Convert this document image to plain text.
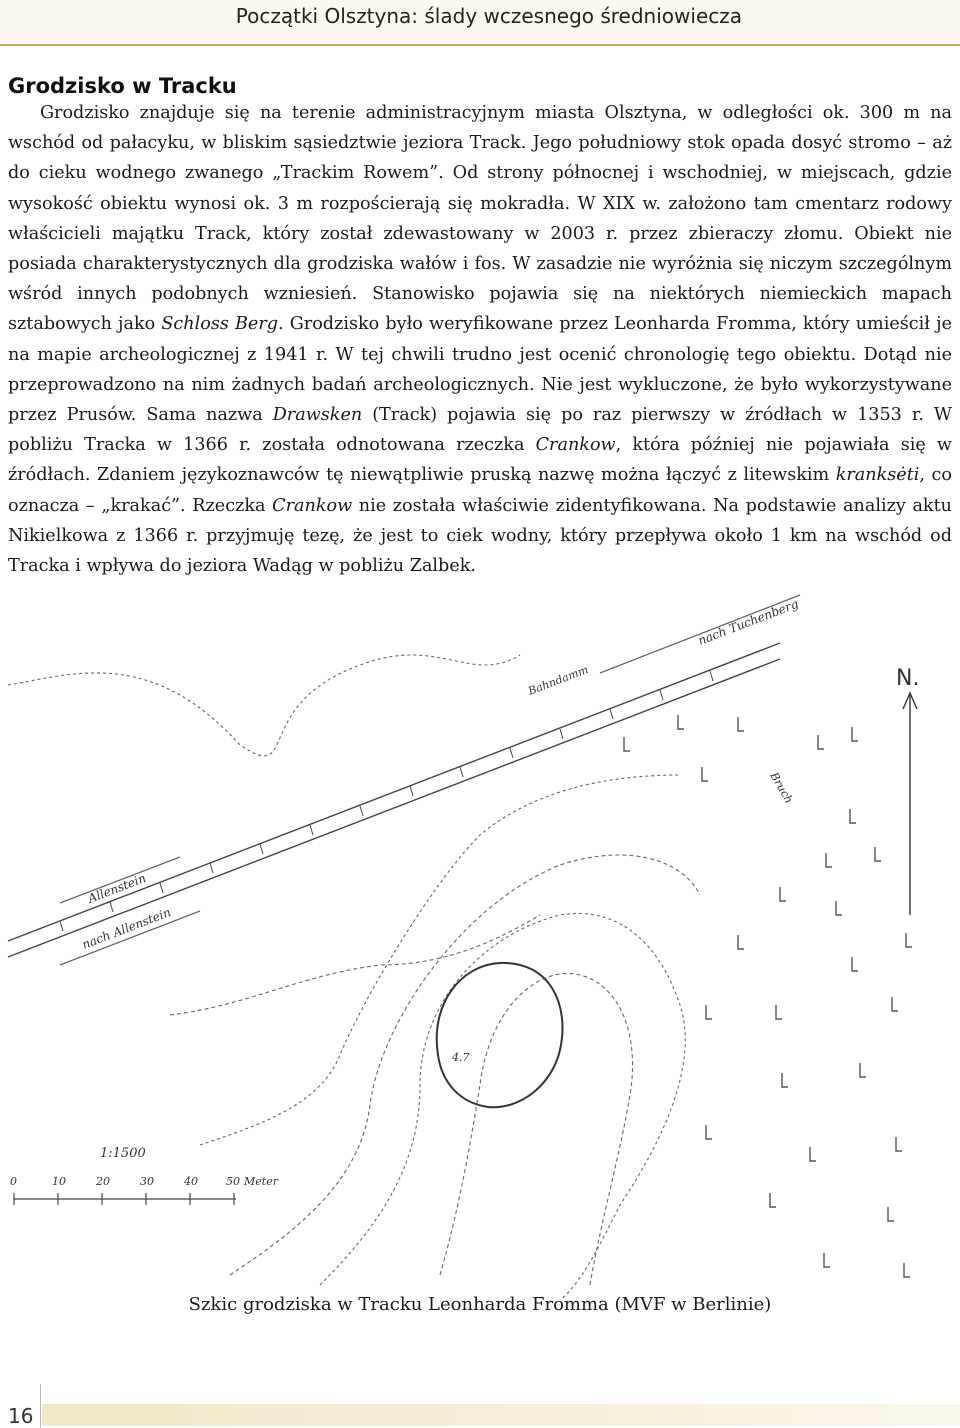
Początki Olsztyna: ślady wczesnego średniowiecza
Grodzisko w Tracku

Grodzisko znajduje się na terenie administracyjnym miasta Olsztyna, w odległości ok. 300 m na wschód od pałacyku, w bliskim sąsiedztwie jeziora Track. Jego południowy stok opada dosyć stromo – aż do cieku wodnego zwanego „Trackim Rowem”. Od strony północnej i wschodniej, w miejscach, gdzie wysokość obiektu wynosi ok. 3 m rozpościerają się mokradła. W XIX w. założono tam cmentarz rodowy właścicieli majątku Track, który został zdewastowany w 2003 r. przez zbieraczy złomu. Obiekt nie posiada charakterystycznych dla grodziska wałów i fos. W zasadzie nie wyróżnia się niczym szczególnym wśród innych podobnych wzniesień. Stanowisko pojawia się na niektórych niemieckich mapach sztabowych jako Schloss Berg. Grodzisko było weryfikowane przez Leonharda Fromma, który umieścił je na mapie archeologicznej z 1941 r. W tej chwili trudno jest ocenić chronologię tego obiektu. Dotąd nie przeprowadzono na nim żadnych badań archeologicznych. Nie jest wykluczone, że było wykorzystywane przez Prusów. Sama nazwa Drawsken (Track) pojawia się po raz pierwszy w źródłach w 1353 r. W pobliżu Tracka w 1366 r. została odnotowana rzeczka Crankow, która później nie pojawiała się w źródłach. Zdaniem językoznawców tę niewątpliwie pruską nazwę można łączyć z litewskim kranksėti, co oznacza – „krakać”. Rzeczka Crankow nie została właściwie zidentyfikowana. Na podstawie analizy aktu Nikielkowa z 1366 r. przyjmuję tezę, że jest to ciek wodny, który przepływa około 1 km na wschód od Tracka i wpływa do jeziora Wadąg w pobliżu Zalbek.

nach Tuchenberg
Bahndamm
Allenstein
nach Allenstein
4.7
N.
Bruch
1:1500
0	10	20	30	40	50 Meter
Szkic grodziska w Tracku Leonharda Fromma (MVF w Berlinie)
16
